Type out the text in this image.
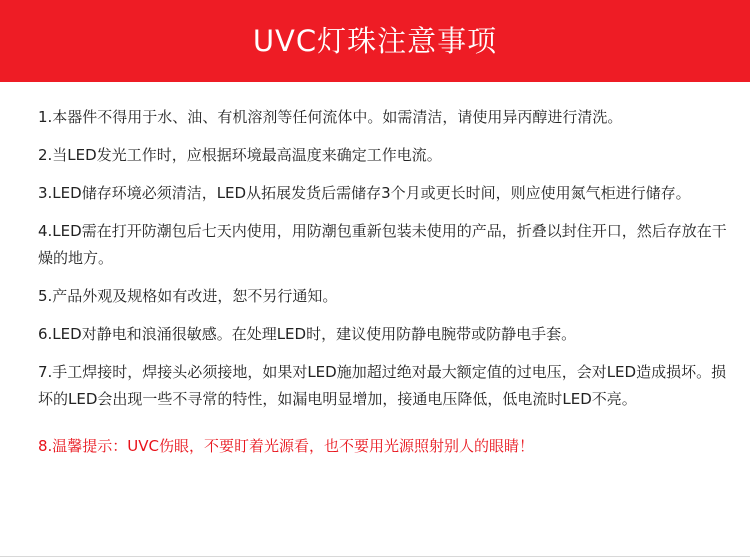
UVC灯珠注意事项
1.本器件不得用于水、油、有机溶剂等任何流体中。如需清洁，请使用异丙醇进行清洗。
2.当LED发光工作时，应根据环境最高温度来确定工作电流。
3.LED储存环境必须清洁，LED从拓展发货后需储存3个月或更长时间，则应使用氮气柜进行储存。
4.LED需在打开防潮包后七天内使用，用防潮包重新包装未使用的产品，折叠以封住开口，然后存放在干燥的地方。
5.产品外观及规格如有改进，恕不另行通知。
6.LED对静电和浪涌很敏感。在处理LED时，建议使用防静电腕带或防静电手套。
7.手工焊接时，焊接头必须接地，如果对LED施加超过绝对最大额定值的过电压，会对LED造成损坏。损坏的LED会出现一些不寻常的特性，如漏电明显增加，接通电压降低，低电流时LED不亮。
8.温馨提示：UVC伤眼，不要盯着光源看，也不要用光源照射别人的眼睛！
